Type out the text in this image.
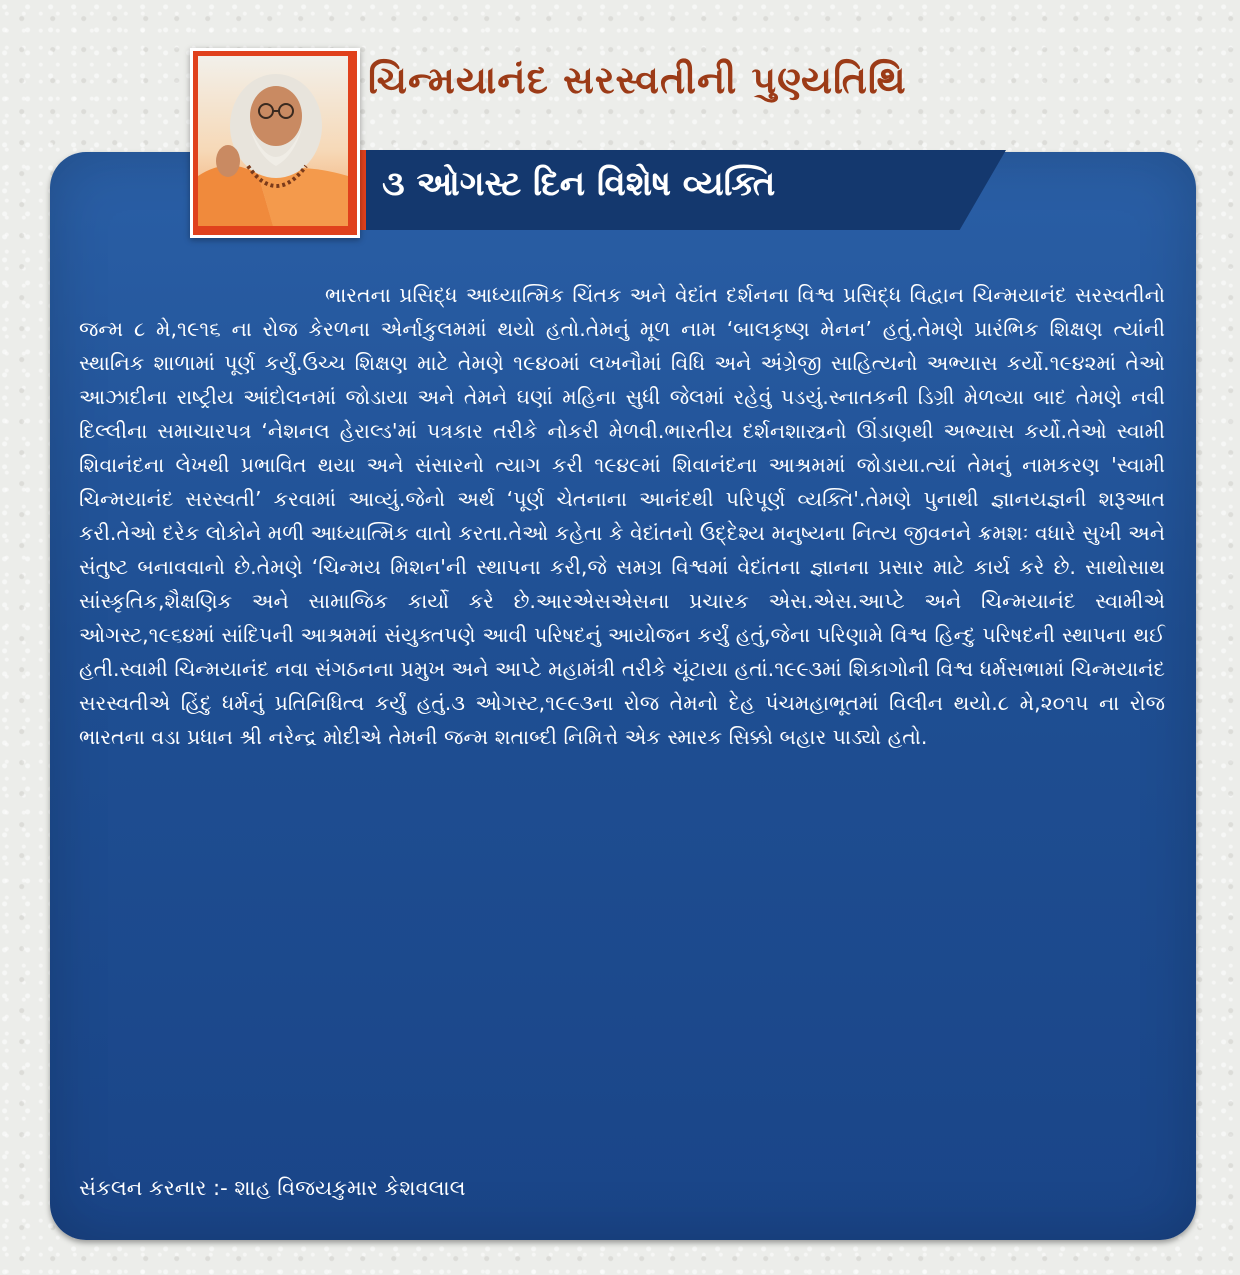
ચિન્મયાનંદ સરસ્વતીની પુણ્યતિથિ
૩ ઓગસ્ટ દિન વિશેષ વ્યક્તિ

ભારતના પ્રસિદ્ધ આધ્યાત્મિક ચિંતક અને વેદાંત દર્શનના વિશ્વ પ્રસિદ્ધ વિદ્વાન ચિન્મયાનંદ સરસ્વતીનો જન્મ ૮ મે,૧૯૧૬ ના રોજ કેરળના એર્નાકુલમમાં થયો હતો.તેમનું મૂળ નામ ‘બાલકૃષ્ણ મેનન’ હતું.તેમણે પ્રારંભિક શિક્ષણ ત્યાંની સ્થાનિક શાળામાં પૂર્ણ કર્યું.ઉચ્ચ શિક્ષણ માટે તેમણે ૧૯૪૦માં લખનૌમાં વિધિ અને અંગ્રેજી સાહિત્યનો અભ્યાસ કર્યો.૧૯૪૨માં તેઓ આઝાદીના રાષ્ટ્રીય આંદોલનમાં જોડાયા અને તેમને ઘણાં મહિના સુધી જેલમાં રહેવું પડયું.સ્નાતકની ડિગ્રી મેળવ્યા બાદ તેમણે નવી દિલ્લીના સમાચારપત્ર ‘નેશનલ હેરાલ્ડ'માં પત્રકાર તરીકે નોકરી મેળવી.ભારતીય દર્શનશાસ્ત્રનો ઊંડાણથી અભ્યાસ કર્યો.તેઓ સ્વામી શિવાનંદના લેખથી પ્રભાવિત થયા અને સંસારનો ત્યાગ કરી ૧૯૪૯માં શિવાનંદના આશ્રમમાં જોડાયા.ત્યાં તેમનું નામકરણ 'સ્વામી ચિન્મયાનંદ સરસ્વતી’ કરવામાં આવ્યું.જેનો અર્થ ‘પૂર્ણ ચેતનાના આનંદથી પરિપૂર્ણ વ્યક્તિ'.તેમણે પુનાથી જ્ઞાનયજ્ઞની શરૂઆત કરી.તેઓ દરેક લોકોને મળી આધ્યાત્મિક વાતો કરતા.તેઓ કહેતા કે વેદાંતનો ઉદ્દેશ્ય મનુષ્યના નિત્ય જીવનને ક્રમશઃ વધારે સુખી અને સંતુષ્ટ બનાવવાનો છે.તેમણે ‘ચિન્મય મિશન'ની સ્થાપના કરી,જે સમગ્ર વિશ્વમાં વેદાંતના જ્ઞાનના પ્રસાર માટે કાર્ય કરે છે. સાથોસાથ સાંસ્કૃતિક,શૈક્ષણિક અને સામાજિક કાર્યો કરે છે.આરએસએસના પ્રચારક એસ.એસ.આપ્ટે અને ચિન્મયાનંદ સ્વામીએ ઓગસ્ટ,૧૯૬૪માં સાંદિપની આશ્રમમાં સંયુક્તપણે આવી પરિષદનું આયોજન કર્યું હતું,જેના પરિણામે વિશ્વ હિન્દુ પરિષદની સ્થાપના થઈ હતી.સ્વામી ચિન્મયાનંદ નવા સંગઠનના પ્રમુખ અને આપ્ટે મહામંત્રી તરીકે ચૂંટાયા હતાં.૧૯૯૩માં શિકાગોની વિશ્વ ધર્મસભામાં ચિન્મયાનંદ સરસ્વતીએ હિંદુ ધર્મનું પ્રતિનિધિત્વ કર્યું હતું.૩ ઓગસ્ટ,૧૯૯૩ના રોજ તેમનો દેહ પંચમહાભૂતમાં વિલીન થયો.૮ મે,૨૦૧૫ ના રોજ ભારતના વડા પ્રધાન શ્રી નરેન્દ્ર મોદીએ તેમની જન્મ શતાબ્દી નિમિત્તે એક સ્મારક સિક્કો બહાર પાડ્યો હતો.

સંકલન કરનાર :- શાહ વિજયકુમાર કેશવલાલ
